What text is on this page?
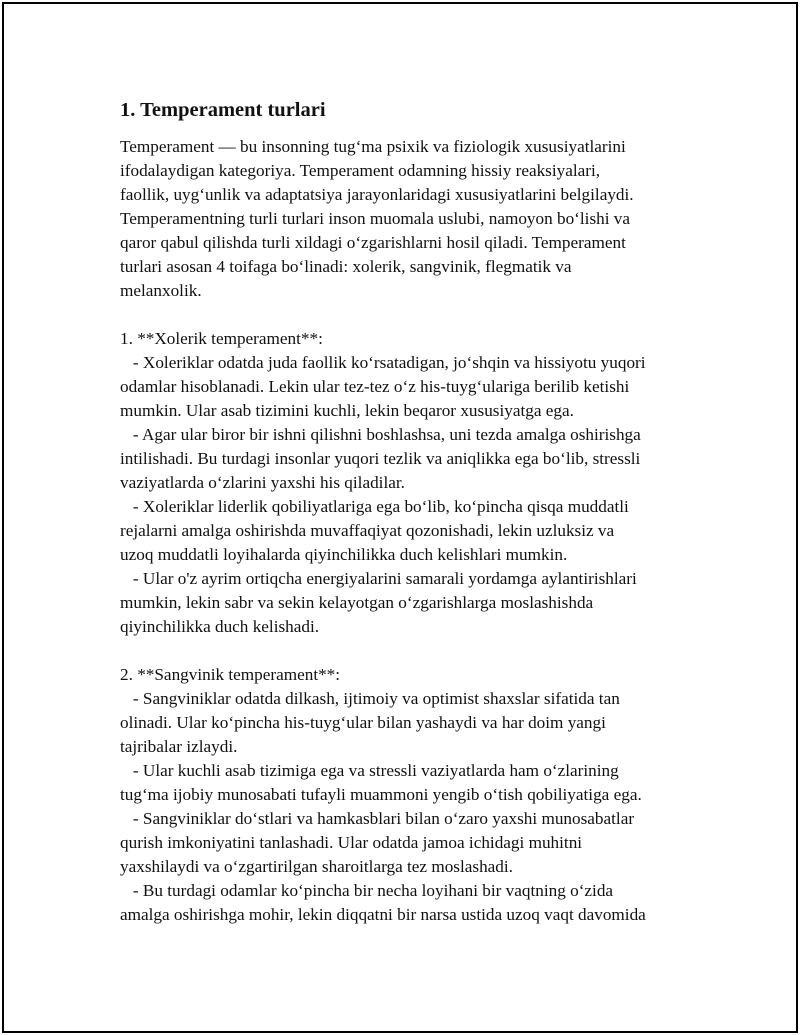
1. Temperament turlari
Temperament — bu insonning tug‘ma psixik va fiziologik xususiyatlarini
ifodalaydigan kategoriya. Temperament odamning hissiy reaksiyalari,
faollik, uyg‘unlik va adaptatsiya jarayonlaridagi xususiyatlarini belgilaydi.
Temperamentning turli turlari inson muomala uslubi, namoyon bo‘lishi va
qaror qabul qilishda turli xildagi o‘zgarishlarni hosil qiladi. Temperament
turlari asosan 4 toifaga bo‘linadi: xolerik, sangvinik, flegmatik va
melanxolik.
1. **Xolerik temperament**:
- Xoleriklar odatda juda faollik ko‘rsatadigan, jo‘shqin va hissiyotu yuqori
odamlar hisoblanadi. Lekin ular tez-tez o‘z his-tuyg‘ulariga berilib ketishi
mumkin. Ular asab tizimini kuchli, lekin beqaror xususiyatga ega.
- Agar ular biror bir ishni qilishni boshlashsa, uni tezda amalga oshirishga
intilishadi. Bu turdagi insonlar yuqori tezlik va aniqlikka ega bo‘lib, stressli
vaziyatlarda o‘zlarini yaxshi his qiladilar.
- Xoleriklar liderlik qobiliyatlariga ega bo‘lib, ko‘pincha qisqa muddatli
rejalarni amalga oshirishda muvaffaqiyat qozonishadi, lekin uzluksiz va
uzoq muddatli loyihalarda qiyinchilikka duch kelishlari mumkin.
- Ular o'z ayrim ortiqcha energiyalarini samarali yordamga aylantirishlari
mumkin, lekin sabr va sekin kelayotgan o‘zgarishlarga moslashishda
qiyinchilikka duch kelishadi.
2. **Sangvinik temperament**:
- Sangviniklar odatda dilkash, ijtimoiy va optimist shaxslar sifatida tan
olinadi. Ular ko‘pincha his-tuyg‘ular bilan yashaydi va har doim yangi
tajribalar izlaydi.
- Ular kuchli asab tizimiga ega va stressli vaziyatlarda ham o‘zlarining
tug‘ma ijobiy munosabati tufayli muammoni yengib o‘tish qobiliyatiga ega.
- Sangviniklar do‘stlari va hamkasblari bilan o‘zaro yaxshi munosabatlar
qurish imkoniyatini tanlashadi. Ular odatda jamoa ichidagi muhitni
yaxshilaydi va o‘zgartirilgan sharoitlarga tez moslashadi.
- Bu turdagi odamlar ko‘pincha bir necha loyihani bir vaqtning o‘zida
amalga oshirishga mohir, lekin diqqatni bir narsa ustida uzoq vaqt davomida
